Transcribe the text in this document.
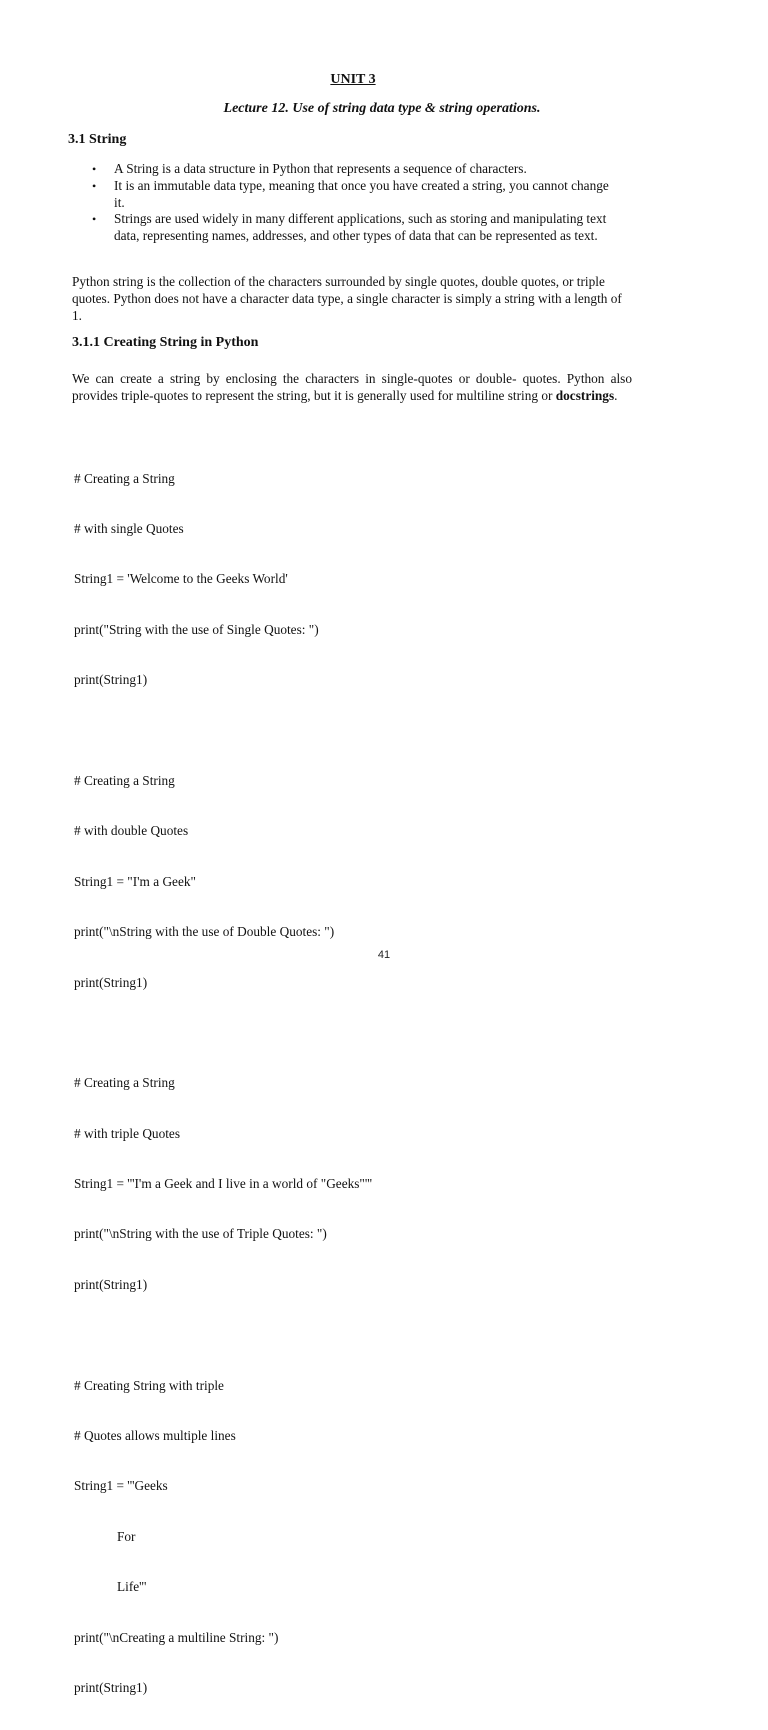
UNIT 3
Lecture 12. Use of string data type & string operations.
3.1 String
• A String is a data structure in Python that represents a sequence of characters.
• It is an immutable data type, meaning that once you have created a string, you cannot change it.
• Strings are used widely in many different applications, such as storing and manipulating text data, representing names, addresses, and other types of data that can be represented as text.

Python string is the collection of the characters surrounded by single quotes, double quotes, or triple quotes. Python does not have a character data type, a single character is simply a string with a length of 1.

3.1.1 Creating String in Python

We can create a string by enclosing the characters in single-quotes or double- quotes. Python also provides triple-quotes to represent the string, but it is generally used for multiline string or docstrings.

# Creating a String

# with single Quotes

String1 = 'Welcome to the Geeks World'

print("String with the use of Single Quotes: ")

print(String1)

# Creating a String

# with double Quotes

String1 = "I'm a Geek"

print("\nString with the use of Double Quotes: ")

print(String1)

# Creating a String

# with triple Quotes

String1 = '''I'm a Geek and I live in a world of "Geeks"'''

print("\nString with the use of Triple Quotes: ")

print(String1)

# Creating String with triple

# Quotes allows multiple lines

String1 = '''Geeks

For

Life'''

print("\nCreating a multiline String: ")

print(String1)

41
